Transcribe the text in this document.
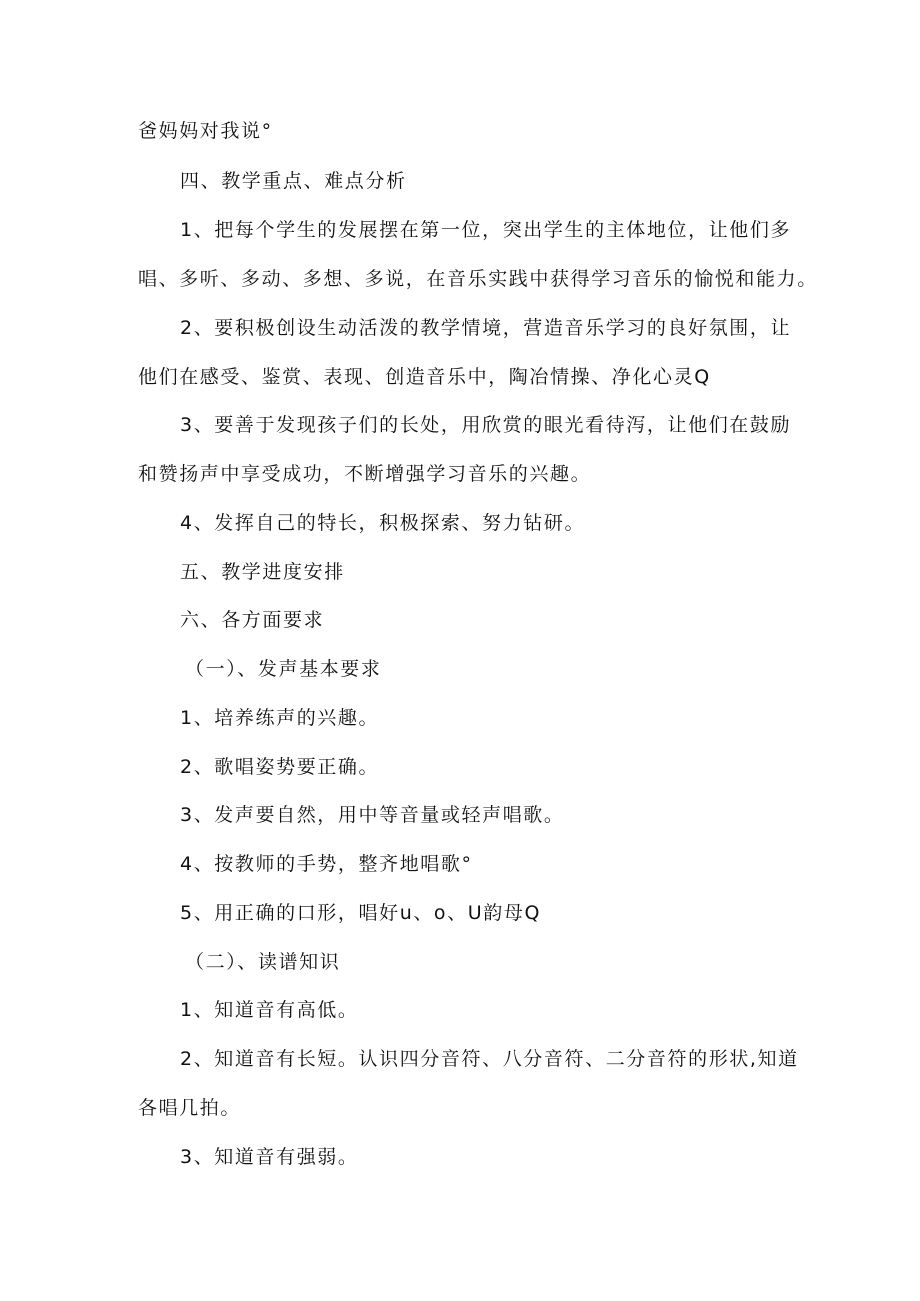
爸妈妈对我说°
四、教学重点、难点分析
1、把每个学生的发展摆在第一位，突出学生的主体地位，让他们多
唱、多听、多动、多想、多说，在音乐实践中获得学习音乐的愉悦和能力。
2、要积极创设生动活泼的教学情境，营造音乐学习的良好氛围，让
他们在感受、鉴赏、表现、创造音乐中，陶冶情操、净化心灵Q
3、要善于发现孩子们的长处，用欣赏的眼光看待泻，让他们在鼓励
和赞扬声中享受成功，不断增强学习音乐的兴趣。
4、发挥自己的特长，积极探索、努力钻研。
五、教学进度安排
六、各方面要求
（一）、发声基本要求
1、培养练声的兴趣。
2、歌唱姿势要正确。
3、发声要自然，用中等音量或轻声唱歌。
4、按教师的手势，整齐地唱歌°
5、用正确的口形，唱好u、o、U韵母Q
（二）、读谱知识
1、知道音有高低。
2、知道音有长短。认识四分音符、八分音符、二分音符的形状,知道
各唱几拍。
3、知道音有强弱。
